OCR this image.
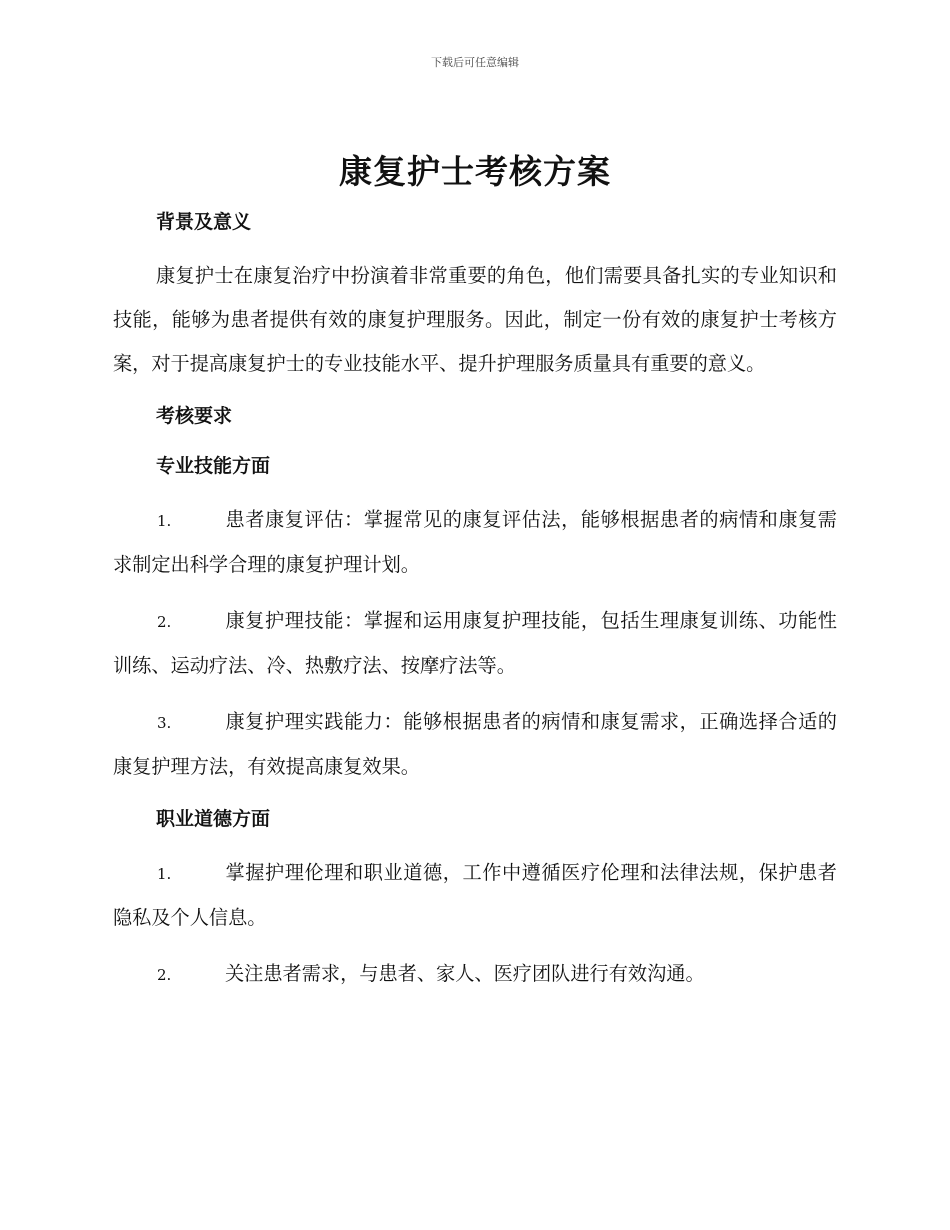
下载后可任意编辑
康复护士考核方案
背景及意义

康复护士在康复治疗中扮演着非常重要的角色，他们需要具备扎实的专业知识和技能，能够为患者提供有效的康复护理服务。因此，制定一份有效的康复护士考核方案，对于提高康复护士的专业技能水平、提升护理服务质量具有重要的意义。

考核要求
专业技能方面

1.	患者康复评估：掌握常见的康复评估法，能够根据患者的病情和康复需求制定出科学合理的康复护理计划。

2.	康复护理技能：掌握和运用康复护理技能，包括生理康复训练、功能性训练、运动疗法、冷、热敷疗法、按摩疗法等。

3.	康复护理实践能力：能够根据患者的病情和康复需求，正确选择合适的康复护理方法，有效提高康复效果。

职业道德方面

1.	掌握护理伦理和职业道德，工作中遵循医疗伦理和法律法规，保护患者隐私及个人信息。

2.	关注患者需求，与患者、家人、医疗团队进行有效沟通。
